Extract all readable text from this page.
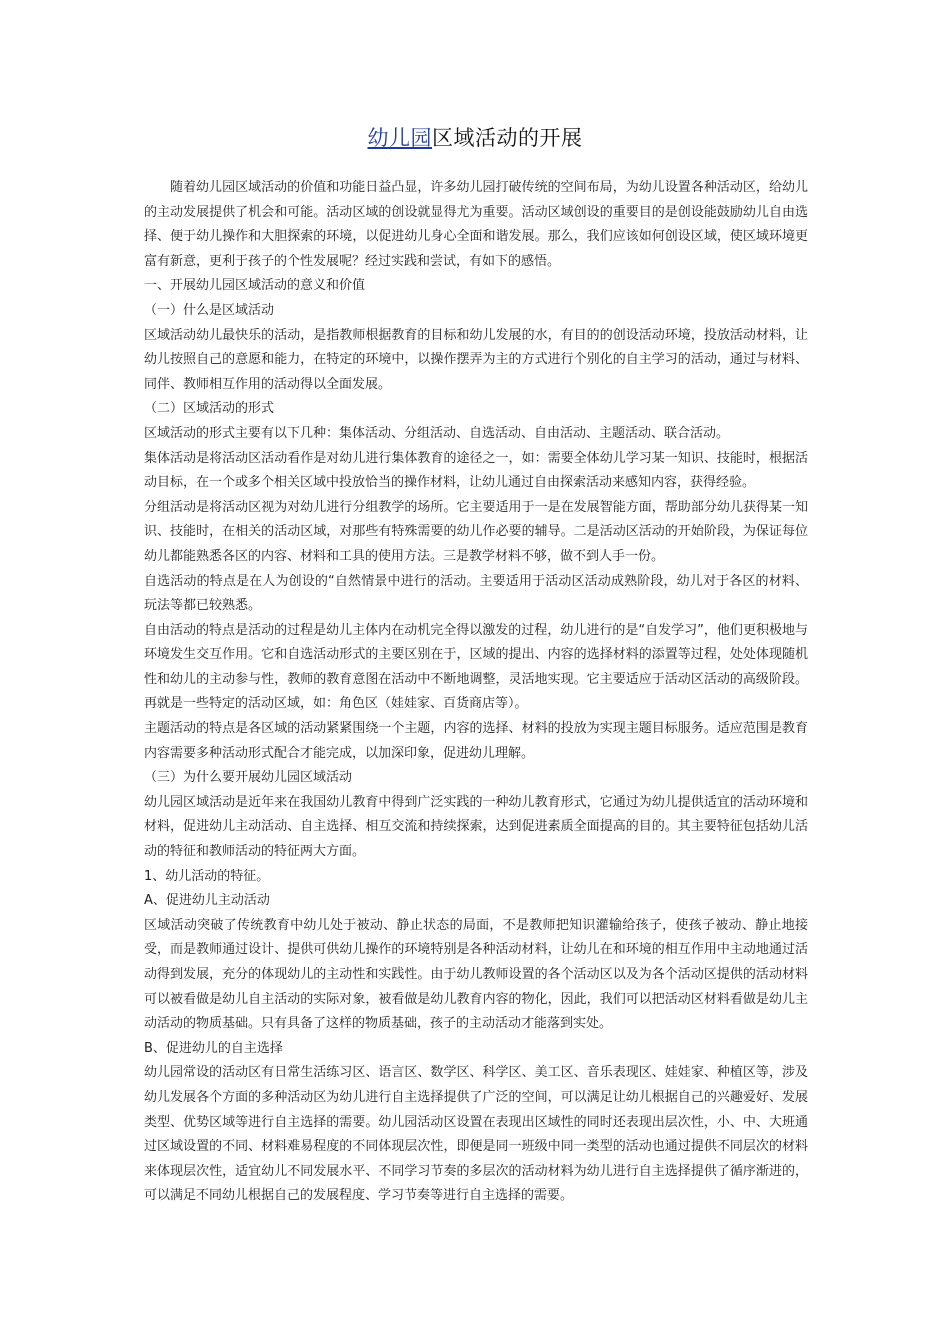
幼儿园区域活动的开展

随着幼儿园区域活动的价值和功能日益凸显，许多幼儿园打破传统的空间布局，为幼儿设置各种活动区，给幼儿的主动发展提供了机会和可能。活动区域的创设就显得尤为重要。活动区域创设的重要目的是创设能鼓励幼儿自由选择、便于幼儿操作和大胆探索的环境，以促进幼儿身心全面和谐发展。那么，我们应该如何创设区域，使区域环境更富有新意，更利于孩子的个性发展呢？经过实践和尝试，有如下的感悟。

一、开展幼儿园区域活动的意义和价值

（一）什么是区域活动

区域活动幼儿最快乐的活动，是指教师根据教育的目标和幼儿发展的水，有目的的创设活动环境，投放活动材料，让幼儿按照自己的意愿和能力，在特定的环境中，以操作摆弄为主的方式进行个别化的自主学习的活动，通过与材料、同伴、教师相互作用的活动得以全面发展。

（二）区域活动的形式

区域活动的形式主要有以下几种：集体活动、分组活动、自选活动、自由活动、主题活动、联合活动。

集体活动是将活动区活动看作是对幼儿进行集体教育的途径之一，如：需要全体幼儿学习某一知识、技能时，根据活动目标，在一个或多个相关区域中投放恰当的操作材料，让幼儿通过自由探索活动来感知内容，获得经验。

分组活动是将活动区视为对幼儿进行分组教学的场所。它主要适用于一是在发展智能方面，帮助部分幼儿获得某一知识、技能时，在相关的活动区域，对那些有特殊需要的幼儿作必要的辅导。二是活动区活动的开始阶段，为保证每位幼儿都能熟悉各区的内容、材料和工具的使用方法。三是教学材料不够，做不到人手一份。

自选活动的特点是在人为创设的“自然情景中进行的活动。主要适用于活动区活动成熟阶段，幼儿对于各区的材料、玩法等都已较熟悉。

自由活动的特点是活动的过程是幼儿主体内在动机完全得以激发的过程，幼儿进行的是“自发学习”，他们更积极地与环境发生交互作用。它和自选活动形式的主要区别在于，区域的提出、内容的选择材料的添置等过程，处处体现随机性和幼儿的主动参与性，教师的教育意图在活动中不断地调整，灵活地实现。它主要适应于活动区活动的高级阶段。再就是一些特定的活动区域，如：角色区（娃娃家、百货商店等）。

主题活动的特点是各区域的活动紧紧围绕一个主题，内容的选择、材料的投放为实现主题目标服务。适应范围是教育内容需要多种活动形式配合才能完成，以加深印象，促进幼儿理解。

（三）为什么要开展幼儿园区域活动

幼儿园区域活动是近年来在我国幼儿教育中得到广泛实践的一种幼儿教育形式，它通过为幼儿提供适宜的活动环境和材料，促进幼儿主动活动、自主选择、相互交流和持续探索，达到促进素质全面提高的目的。其主要特征包括幼儿活动的特征和教师活动的特征两大方面。

1、幼儿活动的特征。

A、促进幼儿主动活动

区域活动突破了传统教育中幼儿处于被动、静止状态的局面，不是教师把知识灌输给孩子，使孩子被动、静止地接受，而是教师通过设计、提供可供幼儿操作的环境特别是各种活动材料，让幼儿在和环境的相互作用中主动地通过活动得到发展，充分的体现幼儿的主动性和实践性。由于幼儿教师设置的各个活动区以及为各个活动区提供的活动材料可以被看做是幼儿自主活动的实际对象，被看做是幼儿教育内容的物化，因此，我们可以把活动区材料看做是幼儿主动活动的物质基础。只有具备了这样的物质基础，孩子的主动活动才能落到实处。

B、促进幼儿的自主选择

幼儿园常设的活动区有日常生活练习区、语言区、数学区、科学区、美工区、音乐表现区、娃娃家、种植区等，涉及幼儿发展各个方面的多种活动区为幼儿进行自主选择提供了广泛的空间，可以满足让幼儿根据自己的兴趣爱好、发展类型、优势区域等进行自主选择的需要。幼儿园活动区设置在表现出区域性的同时还表现出层次性，小、中、大班通过区域设置的不同、材料难易程度的不同体现层次性，即便是同一班级中同一类型的活动也通过提供不同层次的材料来体现层次性，适宜幼儿不同发展水平、不同学习节奏的多层次的活动材料为幼儿进行自主选择提供了循序渐进的，可以满足不同幼儿根据自己的发展程度、学习节奏等进行自主选择的需要。
